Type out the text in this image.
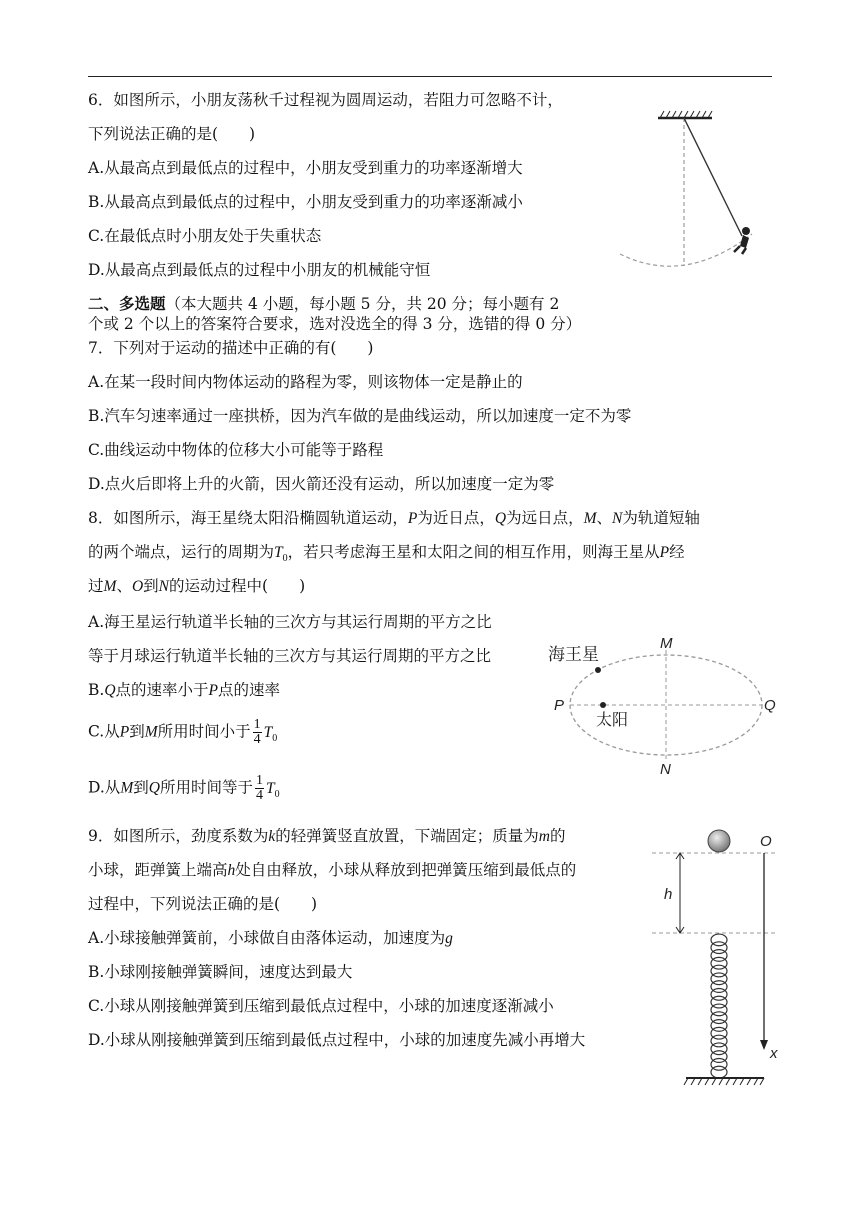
6．如图所示，小朋友荡秋千过程视为圆周运动，若阻力可忽略不计，
下列说法正确的是(　　)
A.从最高点到最低点的过程中，小朋友受到重力的功率逐渐增大
B.从最高点到最低点的过程中，小朋友受到重力的功率逐渐减小
C.在最低点时小朋友处于失重状态
D.从最高点到最低点的过程中小朋友的机械能守恒
二、多选题（本大题共 4 小题，每小题 5 分，共 20 分；每小题有 2
个或 2 个以上的答案符合要求，选对没选全的得 3 分，选错的得 0 分）
7．下列对于运动的描述中正确的有(　　)
A.在某一段时间内物体运动的路程为零，则该物体一定是静止的
B.汽车匀速率通过一座拱桥，因为汽车做的是曲线运动，所以加速度一定不为零
C.曲线运动中物体的位移大小可能等于路程
D.点火后即将上升的火箭，因火箭还没有运动，所以加速度一定为零
8．如图所示，海王星绕太阳沿椭圆轨道运动，P为近日点，Q为远日点，M、N为轨道短轴
的两个端点，运行的周期为$T_0$，若只考虑海王星和太阳之间的相互作用，则海王星从P经
过M、O到N的运动过程中(　　)
A.海王星运行轨道半长轴的三次方与其运行周期的平方之比
等于月球运行轨道半长轴的三次方与其运行周期的平方之比
B.Q点的速率小于P点的速率
C.从P到M所用时间小于 $\frac{1}{4} T_0$
D.从M到Q所用时间等于 $\frac{1}{4} T_0$
M
N
P	Q
海王星
太阳
9．如图所示，劲度系数为k的轻弹簧竖直放置，下端固定；质量为m的
小球，距弹簧上端高h处自由释放，小球从释放到把弹簧压缩到最低点的
过程中，下列说法正确的是(　　)
A.小球接触弹簧前，小球做自由落体运动，加速度为g
B.小球刚接触弹簧瞬间，速度达到最大
C.小球从刚接触弹簧到压缩到最低点过程中，小球的加速度逐渐减小
D.小球从刚接触弹簧到压缩到最低点过程中，小球的加速度先减小再增大
h
O
x
